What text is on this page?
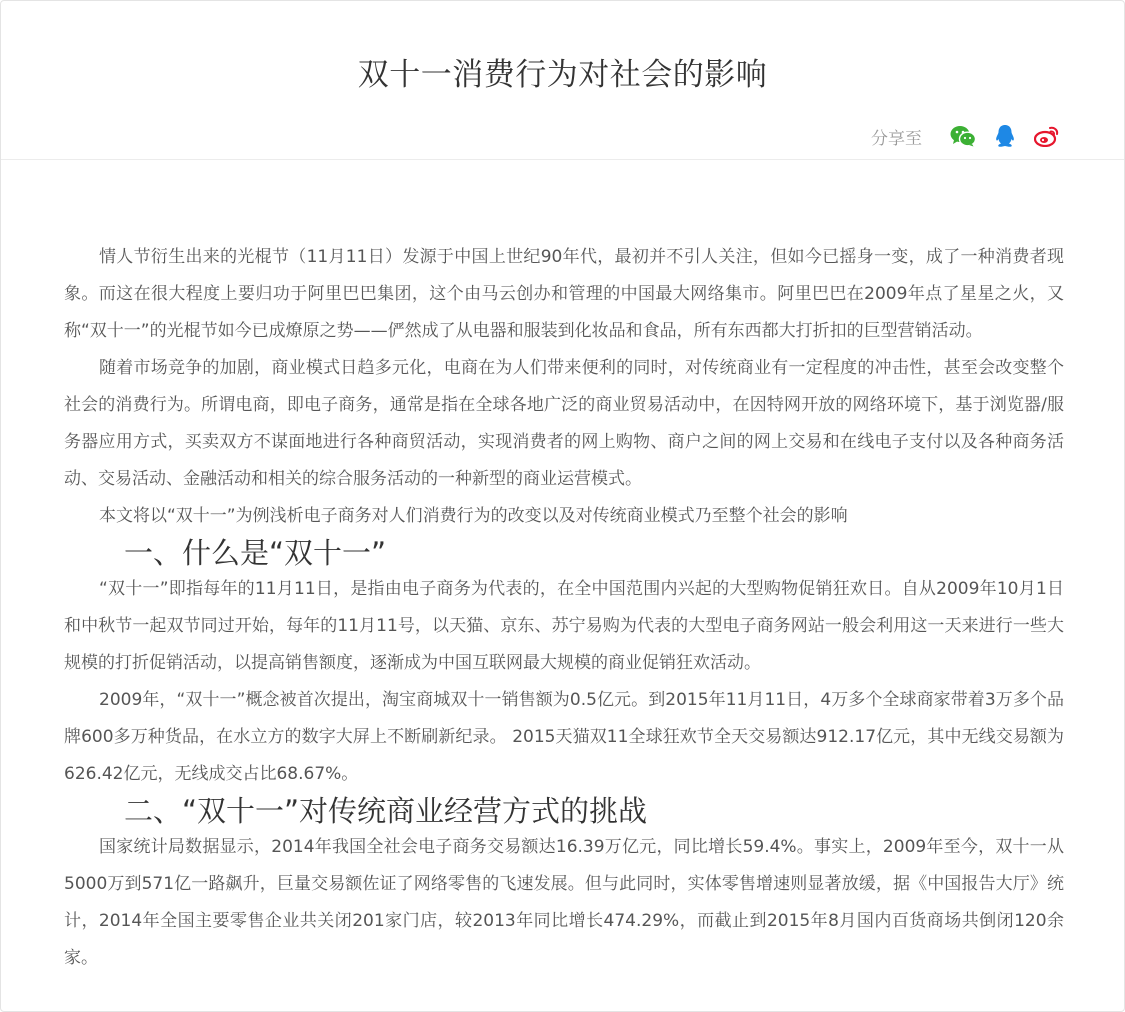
双十一消费行为对社会的影响
分享至

情人节衍生出来的光棍节（11月11日）发源于中国上世纪90年代，最初并不引人关注，但如今已摇身一变，成了一种消费者现象。而这在很大程度上要归功于阿里巴巴集团，这个由马云创办和管理的中国最大网络集市。阿里巴巴在2009年点了星星之火，又称“双十一”的光棍节如今已成燎原之势——俨然成了从电器和服装到化妆品和食品，所有东西都大打折扣的巨型营销活动。

随着市场竞争的加剧，商业模式日趋多元化，电商在为人们带来便利的同时，对传统商业有一定程度的冲击性，甚至会改变整个社会的消费行为。所谓电商，即电子商务，通常是指在全球各地广泛的商业贸易活动中，在因特网开放的网络环境下，基于浏览器/服务器应用方式，买卖双方不谋面地进行各种商贸活动，实现消费者的网上购物、商户之间的网上交易和在线电子支付以及各种商务活动、交易活动、金融活动和相关的综合服务活动的一种新型的商业运营模式。

本文将以“双十一”为例浅析电子商务对人们消费行为的改变以及对传统商业模式乃至整个社会的影响

一、什么是“双十一”

“双十一”即指每年的11月11日，是指由电子商务为代表的，在全中国范围内兴起的大型购物促销狂欢日。自从2009年10月1日和中秋节一起双节同过开始，每年的11月11号，以天猫、京东、苏宁易购为代表的大型电子商务网站一般会利用这一天来进行一些大规模的打折促销活动，以提高销售额度，逐渐成为中国互联网最大规模的商业促销狂欢活动。

2009年，“双十一”概念被首次提出，淘宝商城双十一销售额为0.5亿元。到2015年11月11日，4万多个全球商家带着3万多个品牌600多万种货品，在水立方的数字大屏上不断刷新纪录。 2015天猫双11全球狂欢节全天交易额达912.17亿元，其中无线交易额为626.42亿元，无线成交占比68.67%。

二、“双十一”对传统商业经营方式的挑战

国家统计局数据显示，2014年我国全社会电子商务交易额达16.39万亿元，同比增长59.4%。事实上，2009年至今，双十一从5000万到571亿一路飙升，巨量交易额佐证了网络零售的飞速发展。但与此同时，实体零售增速则显著放缓，据《中国报告大厅》统计，2014年全国主要零售企业共关闭201家门店，较2013年同比增长474.29%，而截止到2015年8月国内百货商场共倒闭120余家。
